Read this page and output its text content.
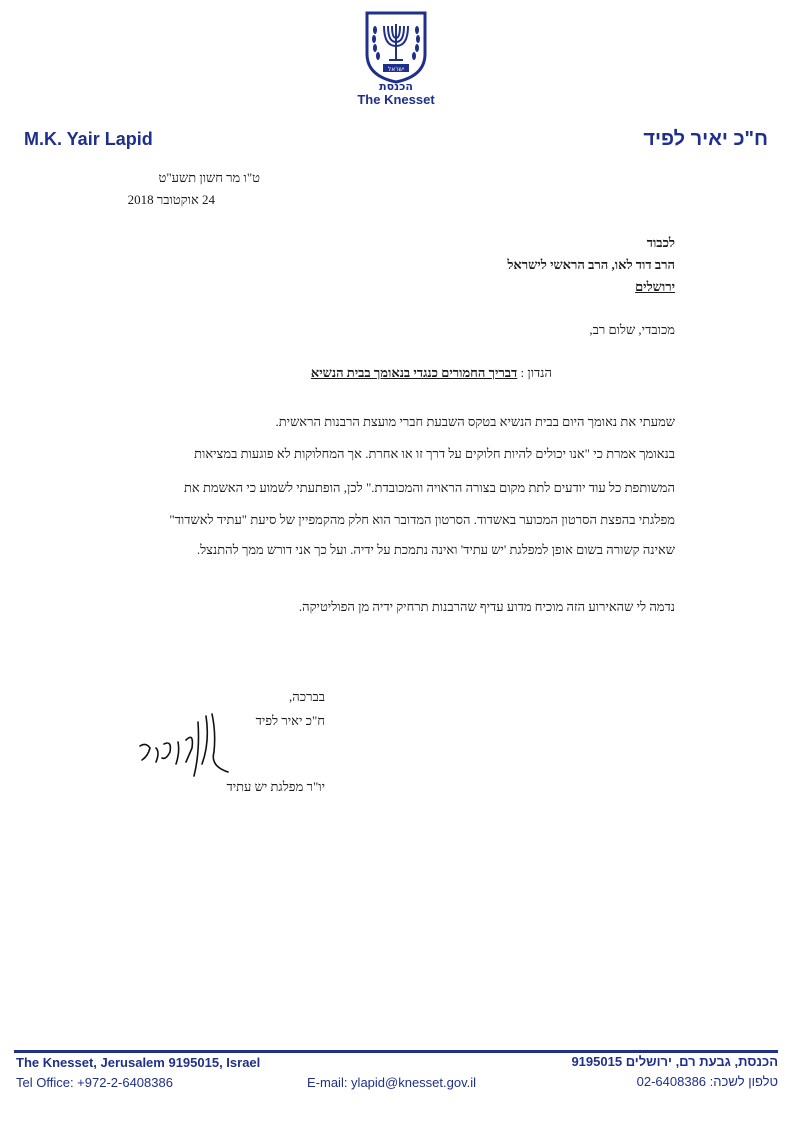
ישראל
הכנסת
The Knesset
M.K. Yair Lapid	ח"כ יאיר לפיד
ט"ו מר חשון תשע"ט
24 אוקטובר 2018
לכבוד
הרב דוד לאו, הרב הראשי לישראל
ירושלים
מכובדי, שלום רב,
הנדון : דבריך החמורים כנגדי בנאומך בבית הנשיא
שמעתי את נאומך היום בבית הנשיא בטקס השבעת חברי מועצת הרבנות הראשית.
בנאומך אמרת כי "אנו יכולים להיות חלוקים על דרך זו או אחרת. אך המחלוקות לא פוגעות במציאות
המשותפת כל עוד יודעים לתת מקום בצורה הראויה והמכובדת." לכן, הופתעתי לשמוע כי האשמת את
מפלגתי בהפצת הסרטון המכוער באשדוד. הסרטון המדובר הוא חלק מהקמפיין של סיעת "עתיד לאשדוד"
שאינה קשורה בשום אופן למפלגת 'יש עתיד' ואינה נתמכת על ידיה. ועל כך אני דורש ממך להתנצל.
נדמה לי שהאירוע הזה מוכיח מדוע עדיף שהרבנות תרחיק ידיה מן הפוליטיקה.
בברכה,
ח"כ יאיר לפיד
יו"ר מפלגת יש עתיד
The Knesset, Jerusalem 9195015, Israel
Tel Office: +972-2-6408386	E-mail: ylapid@knesset.gov.il
הכנסת, גבעת רם, ירושלים 9195015
טלפון לשכה: 02-6408386
